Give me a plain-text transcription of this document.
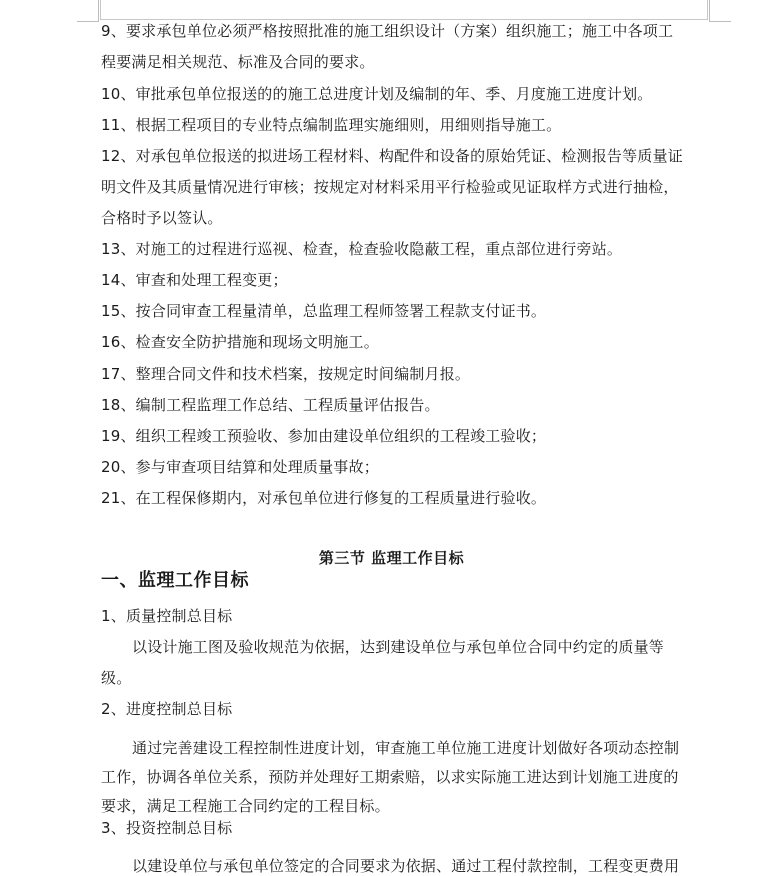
9、要求承包单位必须严格按照批准的施工组织设计（方案）组织施工；施工中各项工
程要满足相关规范、标准及合同的要求。
10、审批承包单位报送的的施工总进度计划及编制的年、季、月度施工进度计划。
11、根据工程项目的专业特点编制监理实施细则，用细则指导施工。
12、对承包单位报送的拟进场工程材料、构配件和设备的原始凭证、检测报告等质量证
明文件及其质量情况进行审核；按规定对材料采用平行检验或见证取样方式进行抽检，
合格时予以签认。
13、对施工的过程进行巡视、检查，检查验收隐蔽工程，重点部位进行旁站。
14、审查和处理工程变更；
15、按合同审查工程量清单，总监理工程师签署工程款支付证书。
16、检查安全防护措施和现场文明施工。
17、整理合同文件和技术档案，按规定时间编制月报。
18、编制工程监理工作总结、工程质量评估报告。
19、组织工程竣工预验收、参加由建设单位组织的工程竣工验收；
20、参与审查项目结算和处理质量事故；
21、在工程保修期内，对承包单位进行修复的工程质量进行验收。
第三节 监理工作目标
一、监理工作目标
1、质量控制总目标
以设计施工图及验收规范为依据，达到建设单位与承包单位合同中约定的质量等
级。
2、进度控制总目标
通过完善建设工程控制性进度计划，审查施工单位施工进度计划做好各项动态控制
工作，协调各单位关系，预防并处理好工期索赔，以求实际施工进达到计划施工进度的
要求，满足工程施工合同约定的工程目标。
3、投资控制总目标
以建设单位与承包单位签定的合同要求为依据、通过工程付款控制，工程变更费用
